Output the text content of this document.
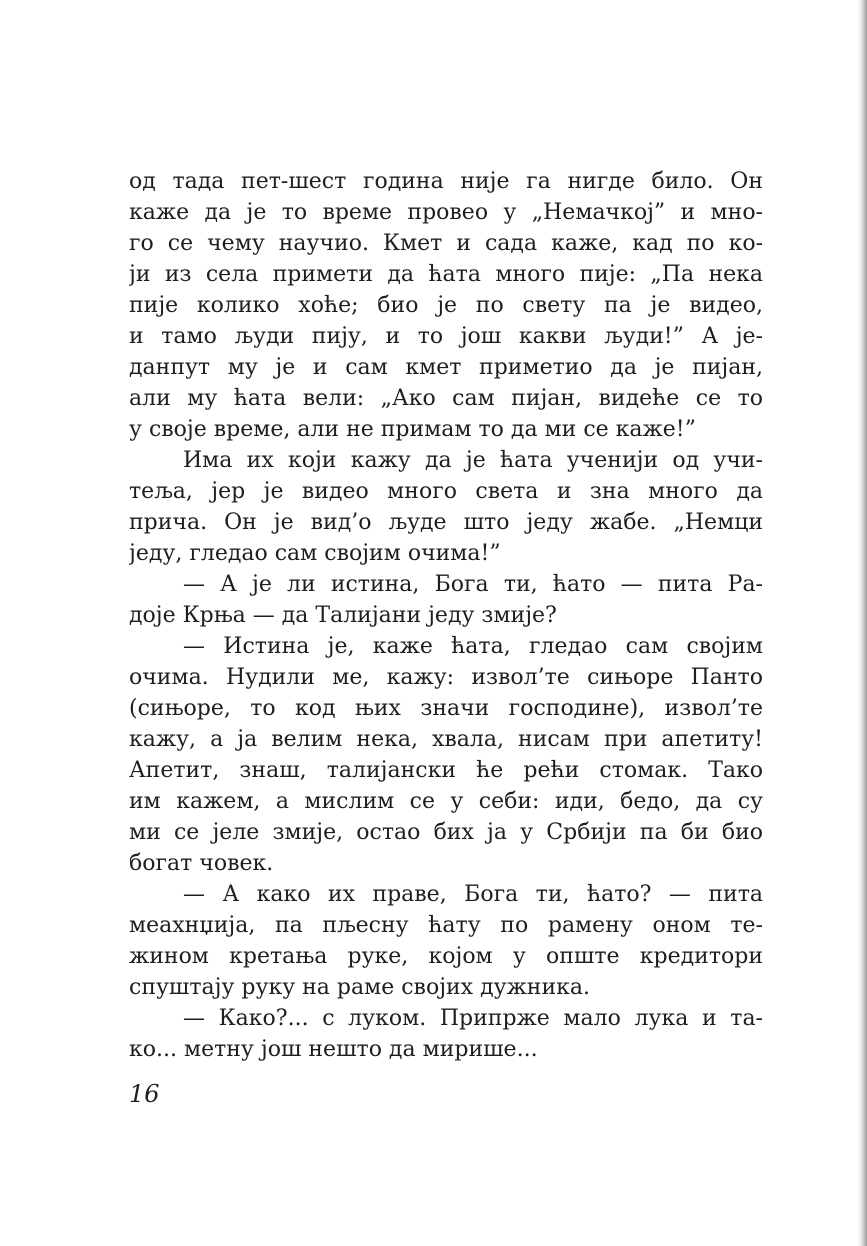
од тада пет-шест година није га нигде било. Он
каже да је то време провео у „Немачкој” и мно-
го се чему научио. Кмет и сада каже, кад по ко-
ји из села примети да ћата много пије: „Па нека
пије колико хоће; био је по свету па је видео,
и тамо људи пију, и то још какви људи!” А је-
данпут му је и сам кмет приметио да је пијан,
али му ћата вели: „Ако сам пијан, видеће се то
у своје време, али не примам то да ми се каже!”
Има их који кажу да је ћата ученији од учи-
теља, јер је видео много света и зна много да
прича. Он је вид’о људе што једу жабе. „Немци
једу, гледао сам својим очима!”
— А је ли истина, Бога ти, ћато — пита Ра-
доје Крња — да Талијани једу змије?
— Истина је, каже ћата, гледао сам својим
очима. Нудили ме, кажу: извол’те сињоре Панто
(сињоре, то код њих значи господине), извол’те
кажу, а ја велим нека, хвала, нисам при апетиту!
Апетит, знаш, талијански ће рећи стомак. Тако
им кажем, а мислим се у себи: иди, бедо, да су
ми се јеле змије, остао бих ја у Србији па би био
богат човек.
— А како их праве, Бога ти, ћато? — пита
меахнџија, па пљесну ћату по рамену оном те-
жином кретања руке, којом у опште кредитори
спуштају руку на раме својих дужника.
— Како?... с луком. Припрже мало лука и та-
ко... метну још нешто да мирише...
16
